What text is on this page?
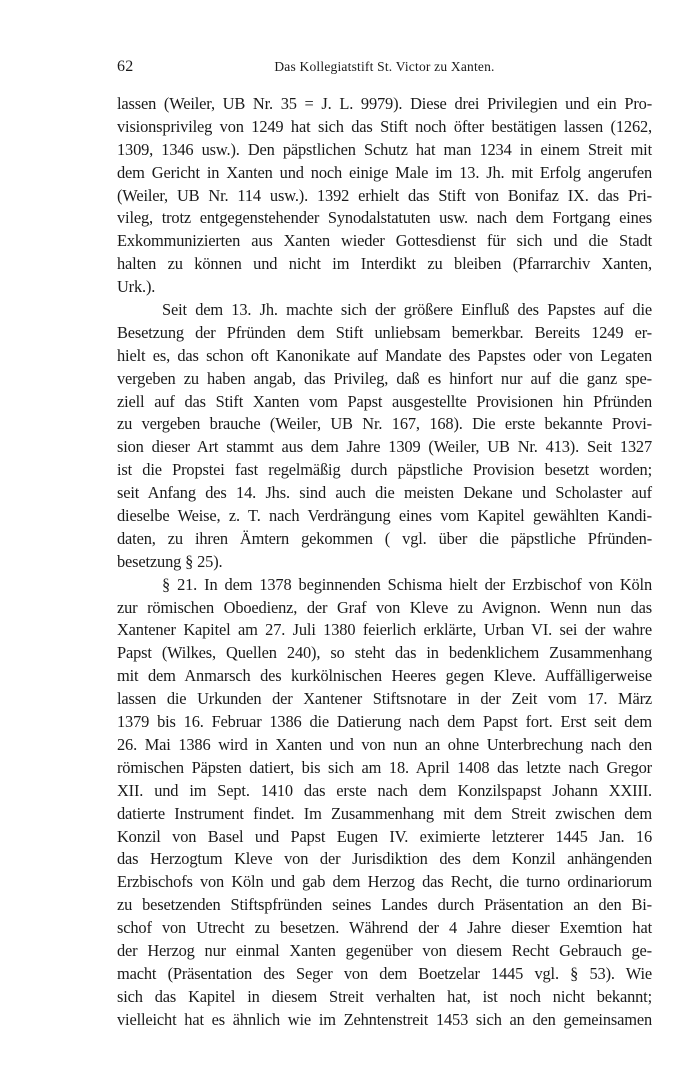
62	Das Kollegiatstift St. Victor zu Xanten.
lassen (Weiler, UB Nr. 35 = J. L. 9979). Diese drei Privilegien und ein Pro-
visionsprivileg von 1249 hat sich das Stift noch öfter bestätigen lassen (1262,
1309, 1346 usw.). Den päpstlichen Schutz hat man 1234 in einem Streit mit
dem Gericht in Xanten und noch einige Male im 13. Jh. mit Erfolg angerufen
(Weiler, UB Nr. 114 usw.). 1392 erhielt das Stift von Bonifaz IX. das Pri-
vileg, trotz entgegenstehender Synodalstatuten usw. nach dem Fortgang eines
Exkommunizierten aus Xanten wieder Gottesdienst für sich und die Stadt
halten zu können und nicht im Interdikt zu bleiben (Pfarrarchiv Xanten,
Urk.).
Seit dem 13. Jh. machte sich der größere Einfluß des Papstes auf die
Besetzung der Pfründen dem Stift unliebsam bemerkbar. Bereits 1249 er-
hielt es, das schon oft Kanonikate auf Mandate des Papstes oder von Legaten
vergeben zu haben angab, das Privileg, daß es hinfort nur auf die ganz spe-
ziell auf das Stift Xanten vom Papst ausgestellte Provisionen hin Pfründen
zu vergeben brauche (Weiler, UB Nr. 167, 168). Die erste bekannte Provi-
sion dieser Art stammt aus dem Jahre 1309 (Weiler, UB Nr. 413). Seit 1327
ist die Propstei fast regelmäßig durch päpstliche Provision besetzt worden;
seit Anfang des 14. Jhs. sind auch die meisten Dekane und Scholaster auf
dieselbe Weise, z. T. nach Verdrängung eines vom Kapitel gewählten Kandi-
daten, zu ihren Ämtern gekommen ( vgl. über die päpstliche Pfründen-
besetzung § 25).
§ 21. In dem 1378 beginnenden Schisma hielt der Erzbischof von Köln
zur römischen Oboedienz, der Graf von Kleve zu Avignon. Wenn nun das
Xantener Kapitel am 27. Juli 1380 feierlich erklärte, Urban VI. sei der wahre
Papst (Wilkes, Quellen 240), so steht das in bedenklichem Zusammenhang
mit dem Anmarsch des kurkölnischen Heeres gegen Kleve. Auffälligerweise
lassen die Urkunden der Xantener Stiftsnotare in der Zeit vom 17. März
1379 bis 16. Februar 1386 die Datierung nach dem Papst fort. Erst seit dem
26. Mai 1386 wird in Xanten und von nun an ohne Unterbrechung nach den
römischen Päpsten datiert, bis sich am 18. April 1408 das letzte nach Gregor
XII. und im Sept. 1410 das erste nach dem Konzilspapst Johann XXIII.
datierte Instrument findet. Im Zusammenhang mit dem Streit zwischen dem
Konzil von Basel und Papst Eugen IV. eximierte letzterer 1445 Jan. 16
das Herzogtum Kleve von der Jurisdiktion des dem Konzil anhängenden
Erzbischofs von Köln und gab dem Herzog das Recht, die turno ordinariorum
zu besetzenden Stiftspfründen seines Landes durch Präsentation an den Bi-
schof von Utrecht zu besetzen. Während der 4 Jahre dieser Exemtion hat
der Herzog nur einmal Xanten gegenüber von diesem Recht Gebrauch ge-
macht (Präsentation des Seger von dem Boetzelar 1445 vgl. § 53). Wie
sich das Kapitel in diesem Streit verhalten hat, ist noch nicht bekannt;
vielleicht hat es ähnlich wie im Zehntenstreit 1453 sich an den gemeinsamen
